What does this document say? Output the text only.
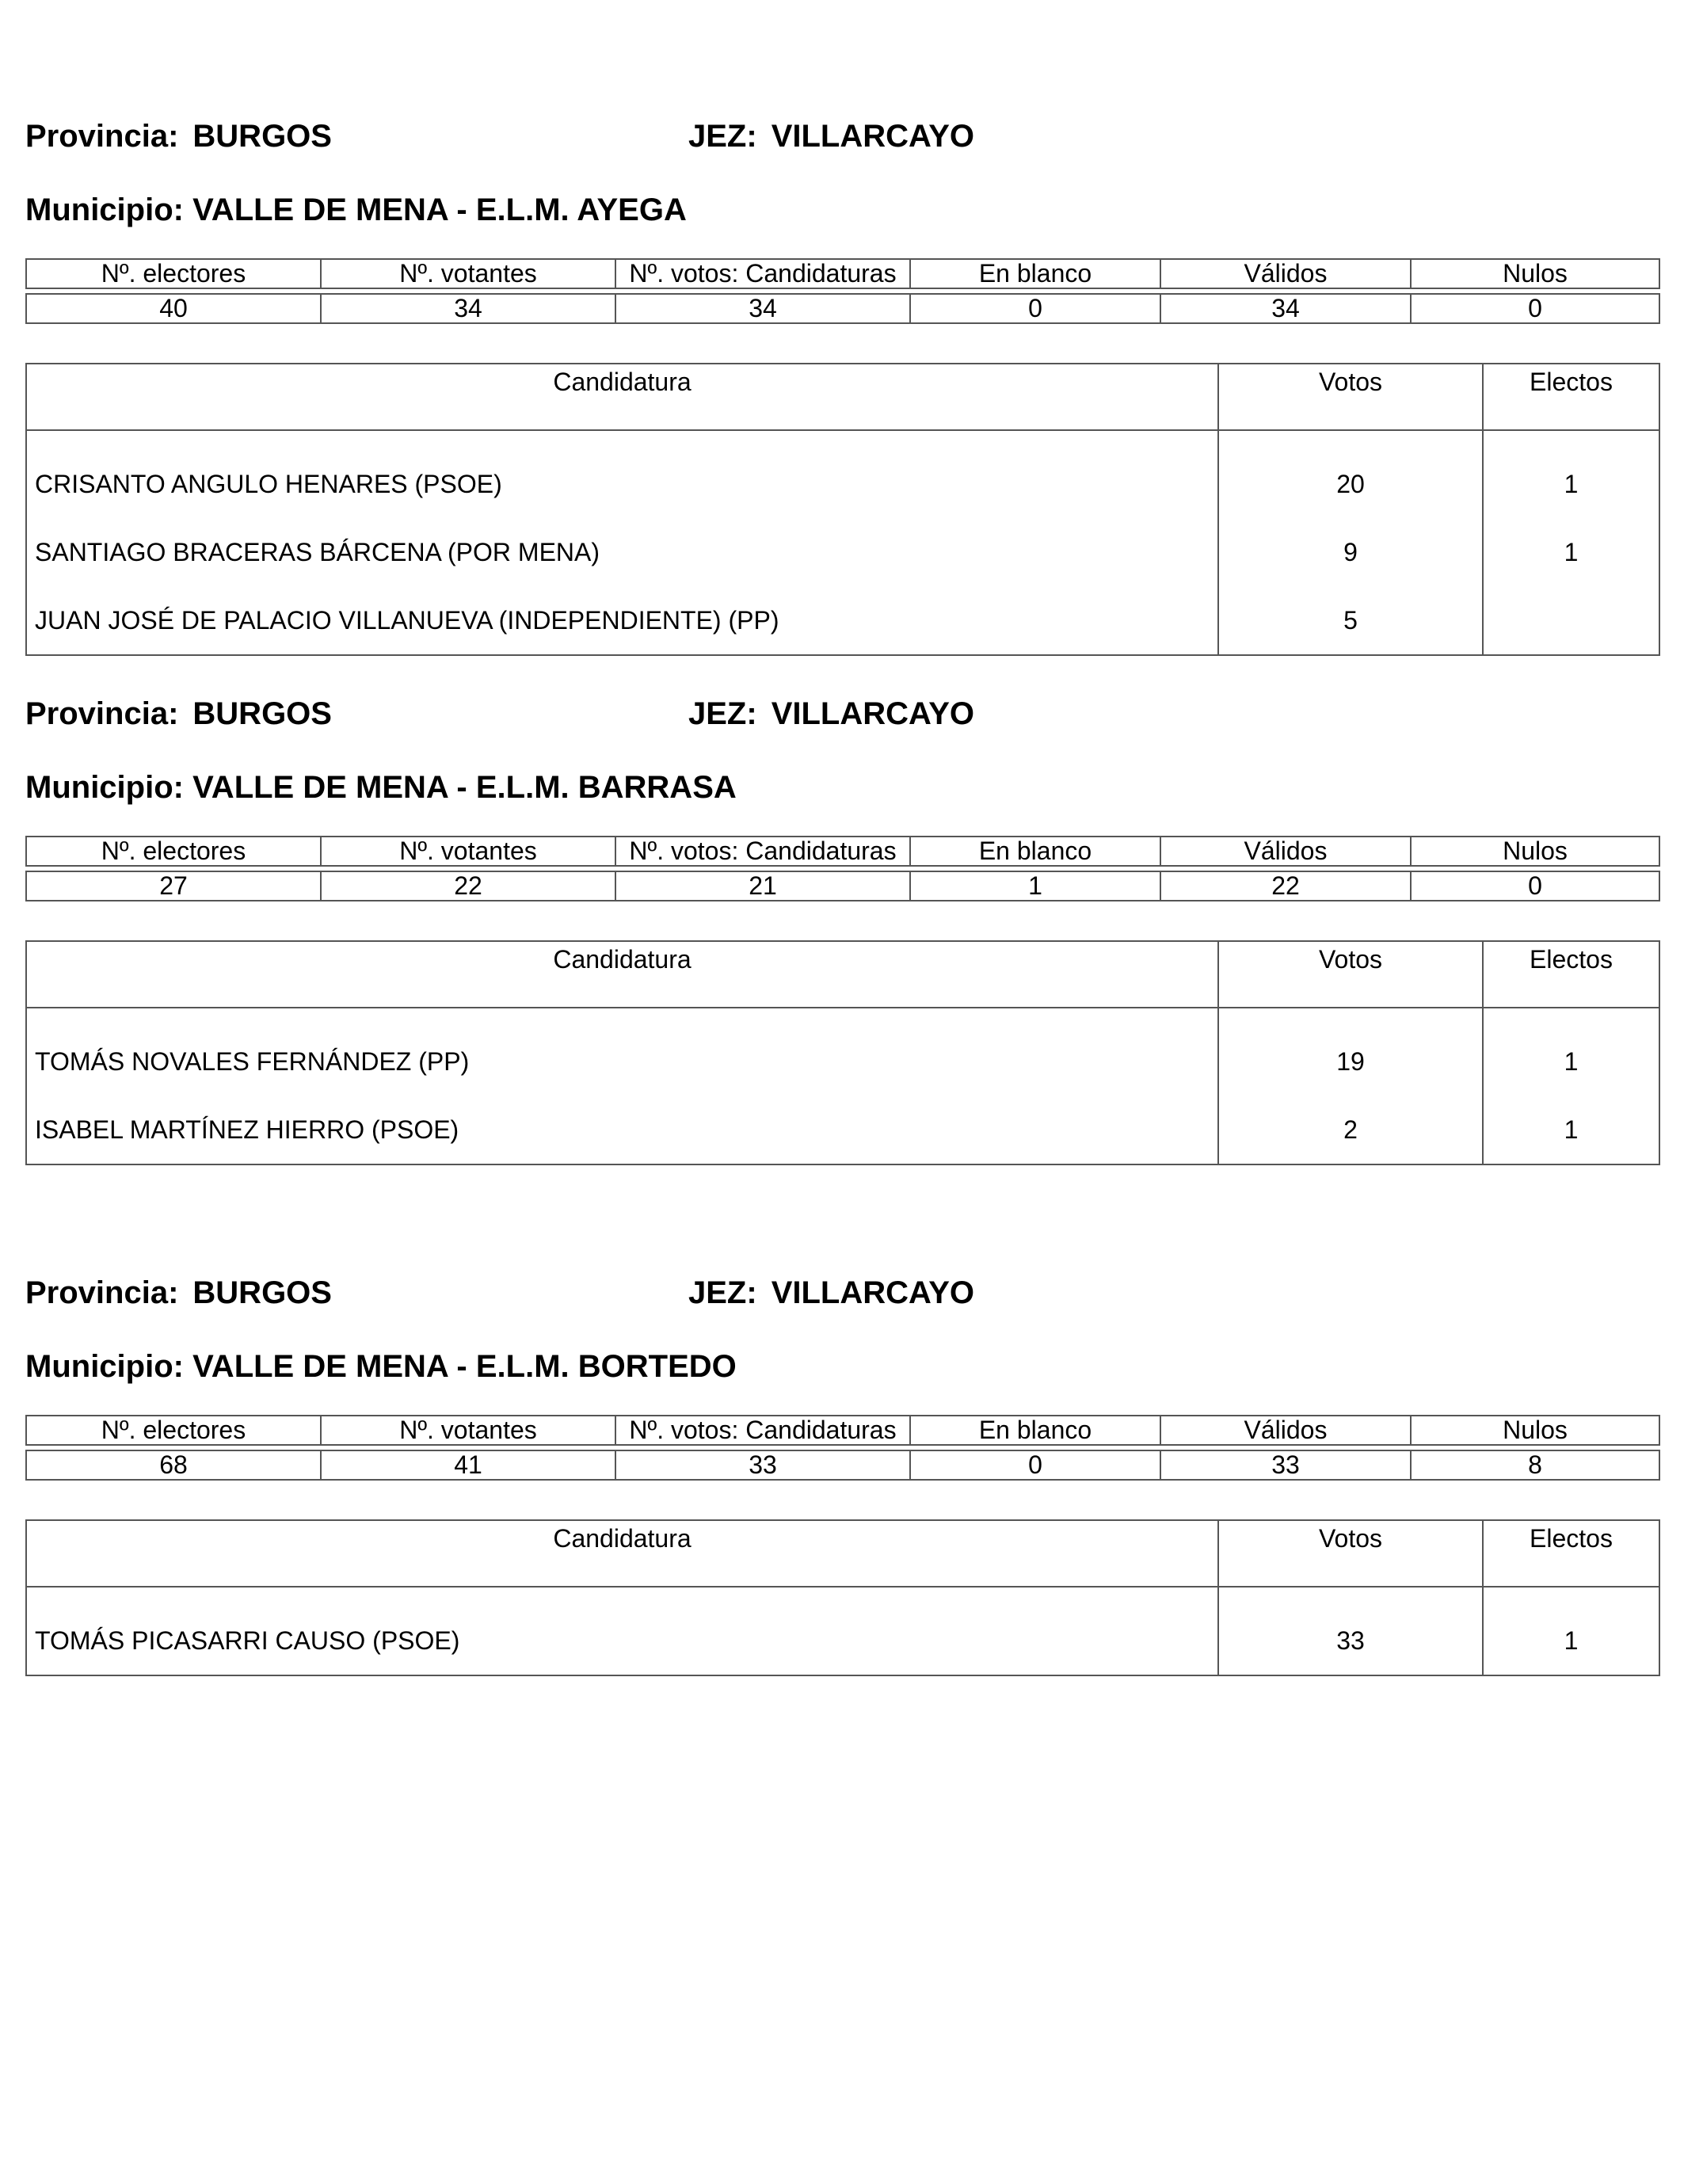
Provincia: BURGOS	JEZ: VILLARCAYO
Municipio: VALLE DE MENA - E.L.M. AYEGA
Nº. electores	Nº. votantes	Nº. votos: Candidaturas	En blanco	Válidos	Nulos
40	34	34	0	34	0
Candidatura	Votos	Electos
CRISANTO ANGULO HENARES (PSOE)	20	1
SANTIAGO BRACERAS BÁRCENA (POR MENA)	9	1
JUAN JOSÉ DE PALACIO VILLANUEVA (INDEPENDIENTE) (PP)	5	
Provincia: BURGOS	JEZ: VILLARCAYO
Municipio: VALLE DE MENA - E.L.M. BARRASA
Nº. electores	Nº. votantes	Nº. votos: Candidaturas	En blanco	Válidos	Nulos
27	22	21	1	22	0
Candidatura	Votos	Electos
TOMÁS NOVALES FERNÁNDEZ (PP)	19	1
ISABEL MARTÍNEZ HIERRO (PSOE)	2	1
Provincia: BURGOS	JEZ: VILLARCAYO
Municipio: VALLE DE MENA - E.L.M. BORTEDO
Nº. electores	Nº. votantes	Nº. votos: Candidaturas	En blanco	Válidos	Nulos
68	41	33	0	33	8
Candidatura	Votos	Electos
TOMÁS PICASARRI CAUSO (PSOE)	33	1
